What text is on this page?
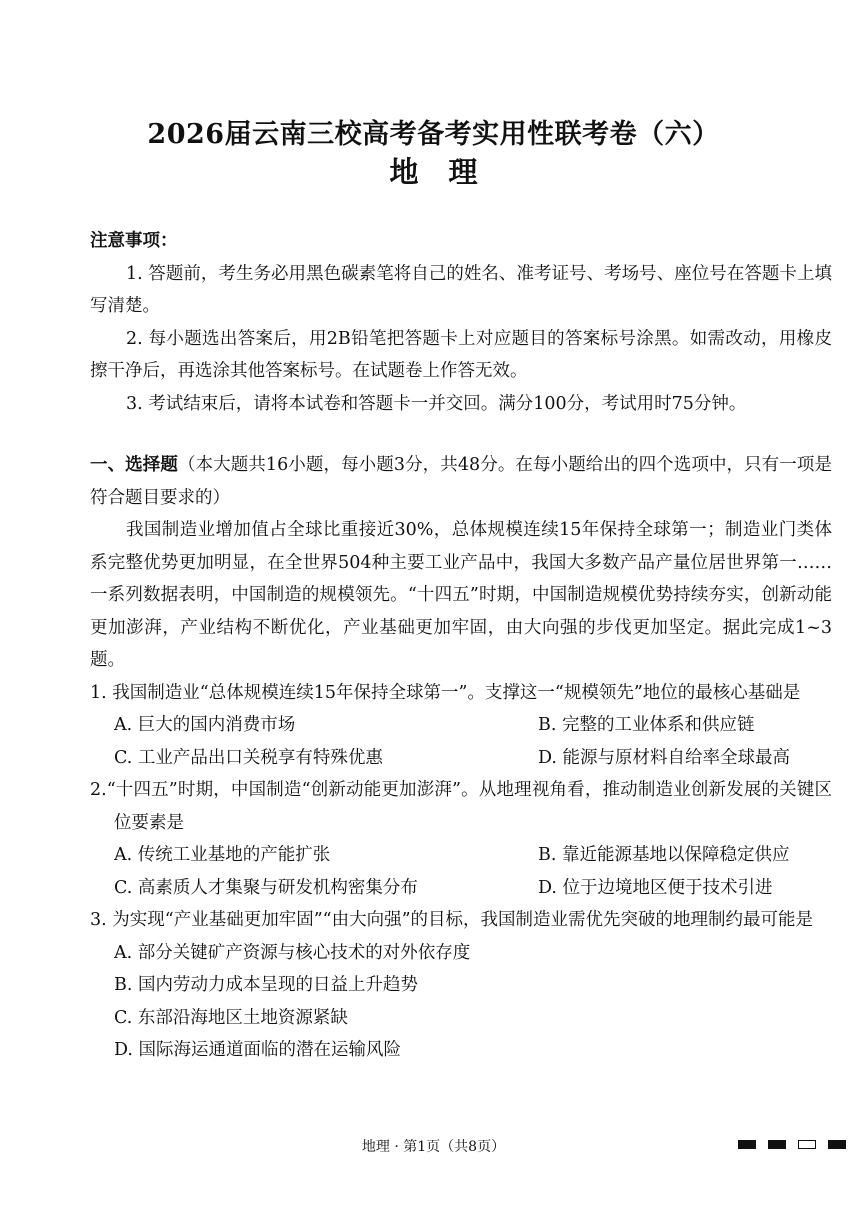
2026届云南三校高考备考实用性联考卷（六）
地理
注意事项：
1. 答题前，考生务必用黑色碳素笔将自己的姓名、准考证号、考场号、座位号在答题卡上填写清楚。
2. 每小题选出答案后，用2B铅笔把答题卡上对应题目的答案标号涂黑。如需改动，用橡皮擦干净后，再选涂其他答案标号。在试题卷上作答无效。
3. 考试结束后，请将本试卷和答题卡一并交回。满分100分，考试用时75分钟。
一、选择题（本大题共16小题，每小题3分，共48分。在每小题给出的四个选项中，只有一项是符合题目要求的）
我国制造业增加值占全球比重接近30%，总体规模连续15年保持全球第一；制造业门类体系完整优势更加明显，在全世界504种主要工业产品中，我国大多数产品产量位居世界第一……一系列数据表明，中国制造的规模领先。“十四五”时期，中国制造规模优势持续夯实，创新动能更加澎湃，产业结构不断优化，产业基础更加牢固，由大向强的步伐更加坚定。据此完成1~3题。
1. 我国制造业“总体规模连续15年保持全球第一”。支撑这一“规模领先”地位的最核心基础是
A. 巨大的国内消费市场	B. 完整的工业体系和供应链
C. 工业产品出口关税享有特殊优惠	D. 能源与原材料自给率全球最高
2.“十四五”时期，中国制造“创新动能更加澎湃”。从地理视角看，推动制造业创新发展的关键区位要素是
A. 传统工业基地的产能扩张	B. 靠近能源基地以保障稳定供应
C. 高素质人才集聚与研发机构密集分布	D. 位于边境地区便于技术引进
3. 为实现“产业基础更加牢固”“由大向强”的目标，我国制造业需优先突破的地理制约最可能是
A. 部分关键矿产资源与核心技术的对外依存度
B. 国内劳动力成本呈现的日益上升趋势
C. 东部沿海地区土地资源紧缺
D. 国际海运通道面临的潜在运输风险
地理 · 第1页（共8页）
